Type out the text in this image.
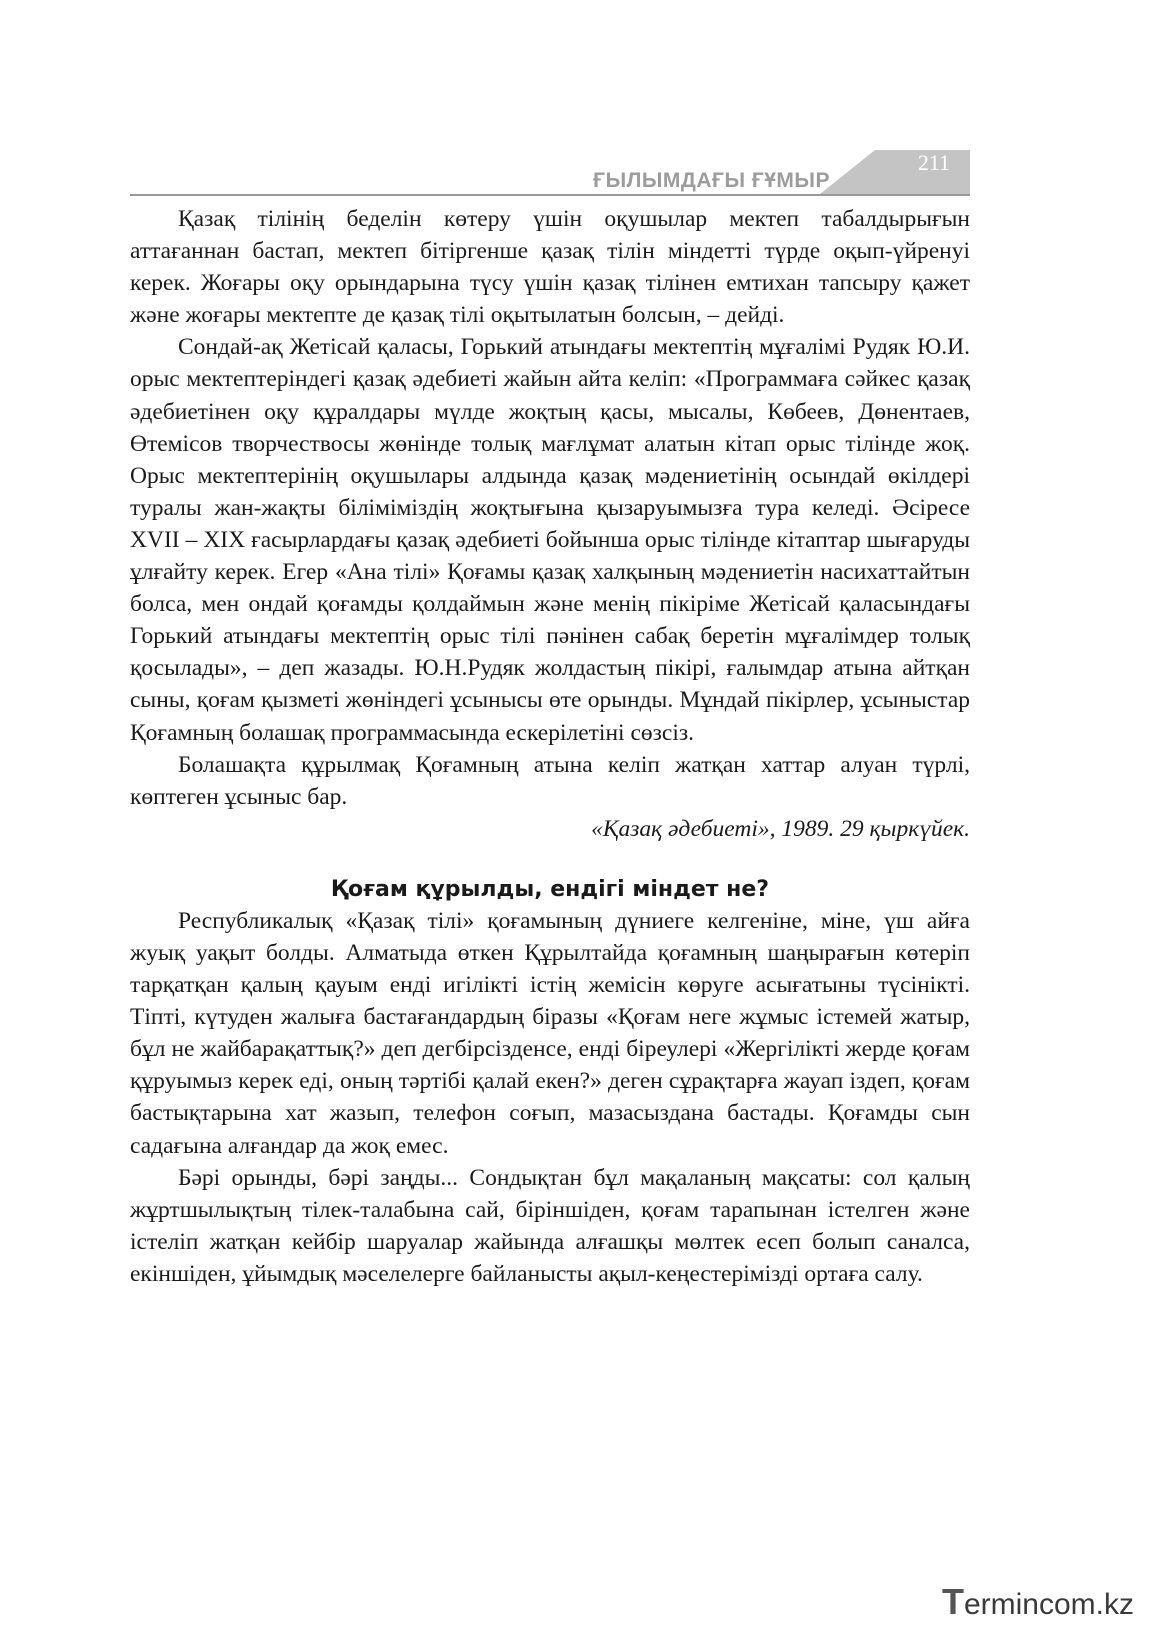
ҒЫЛЫМДАҒЫ ҒҰМЫР
211

Қазақ тілінің беделін көтеру үшін оқушылар мектеп табалдырығын аттағаннан бастап, мектеп бітіргенше қазақ тілін міндетті түрде оқып-үйренуі керек. Жоғары оқу орындарына түсу үшін қазақ тілінен емтихан тапсыру қажет және жоғары мектепте де қазақ тілі оқытылатын болсын, – дейді.

Сондай-ақ Жетісай қаласы, Горький атындағы мектептің мұғалімі Рудяк Ю.И. орыс мектептеріндегі қазақ әдебиеті жайын айта келіп: «Программаға сәйкес қазақ әдебиетінен оқу құралдары мүлде жоқтың қасы, мысалы, Көбеев, Дөнентаев, Өтемісов творчествосы жөнінде толық мағлұмат алатын кітап орыс тілінде жоқ. Орыс мектептерінің оқушылары алдында қазақ мәдениетінің осындай өкілдері туралы жан-жақты біліміміздің жоқтығына қызаруымызға тура келеді. Әсіресе XVII – XIX ғасырлардағы қазақ әдебиеті бойынша орыс тілінде кітаптар шығаруды ұлғайту керек. Егер «Ана тілі» Қоғамы қазақ халқының мәдениетін насихаттайтын болса, мен ондай қоғамды қолдаймын және менің пікіріме Жетісай қаласындағы Горький атындағы мектептің орыс тілі пәнінен сабақ беретін мұғалімдер толық қосылады», – деп жазады. Ю.Н.Рудяк жолдастың пікірі, ғалымдар атына айтқан сыны, қоғам қызметі жөніндегі ұсынысы өте орынды. Мұндай пікірлер, ұсыныстар Қоғамның болашақ программасында ескерілетіні сөзсіз.

Болашақта құрылмақ Қоғамның атына келіп жатқан хаттар алуан түрлі, көптеген ұсыныс бар.

«Қазақ әдебиеті», 1989. 29 қыркүйек.
Қоғам құрылды, ендігі міндет не?

Республикалық «Қазақ тілі» қоғамының дүниеге келгеніне, міне, үш айға жуық уақыт болды. Алматыда өткен Құрылтайда қоғамның шаңырағын көтеріп тарқатқан қалың қауым енді игілікті істің жемісін көруге асығатыны түсінікті. Тіпті, күтуден жалыға бастағандардың біразы «Қоғам неге жұмыс істемей жатыр, бұл не жайбарақаттық?» деп дегбірсізденсе, енді біреулері «Жергілікті жерде қоғам құруымыз керек еді, оның тәртібі қалай екен?» деген сұрақтарға жауап іздеп, қоғам бастықтарына хат жазып, телефон соғып, мазасыздана бастады. Қоғамды сын садағына алғандар да жоқ емес.

Бәрі орынды, бәрі заңды... Сондықтан бұл мақаланың мақсаты: сол қалың жұртшылықтың тілек-талабына сай, біріншіден, қоғам тарапынан істелген және істеліп жатқан кейбір шаруалар жайында алғашқы мөлтек есеп болып саналса, екіншіден, ұйымдық мәселелерге байланысты ақыл-кеңестерімізді ортаға салу.

Termincom.kz
